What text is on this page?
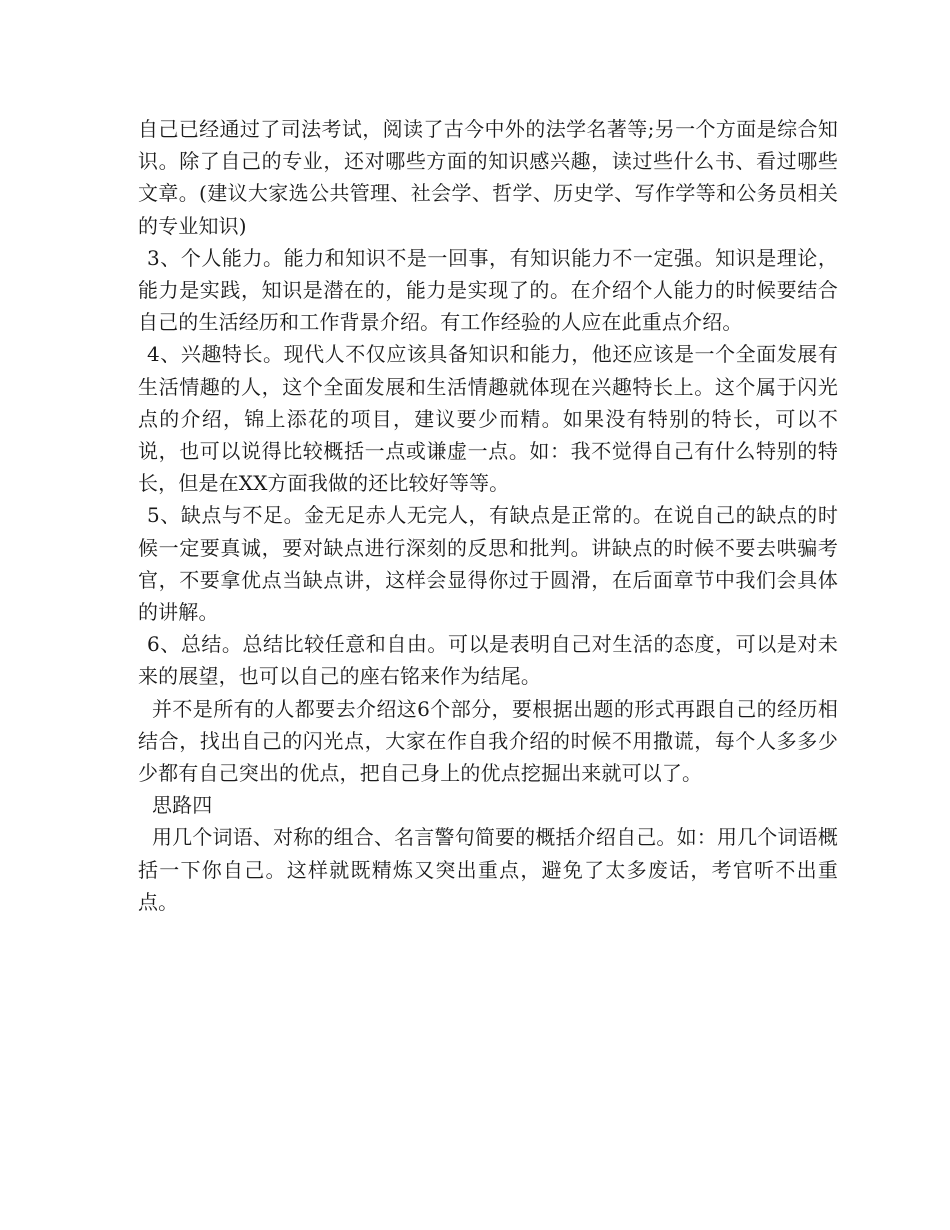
自己已经通过了司法考试，阅读了古今中外的法学名著等;另一个方面是综合知识。除了自己的专业，还对哪些方面的知识感兴趣，读过些什么书、看过哪些文章。(建议大家选公共管理、社会学、哲学、历史学、写作学等和公务员相关的专业知识)

3、个人能力。能力和知识不是一回事，有知识能力不一定强。知识是理论，能力是实践，知识是潜在的，能力是实现了的。在介绍个人能力的时候要结合自己的生活经历和工作背景介绍。有工作经验的人应在此重点介绍。

4、兴趣特长。现代人不仅应该具备知识和能力，他还应该是一个全面发展有生活情趣的人，这个全面发展和生活情趣就体现在兴趣特长上。这个属于闪光点的介绍，锦上添花的项目，建议要少而精。如果没有特别的特长，可以不说，也可以说得比较概括一点或谦虚一点。如：我不觉得自己有什么特别的特长，但是在XX方面我做的还比较好等等。

5、缺点与不足。金无足赤人无完人，有缺点是正常的。在说自己的缺点的时候一定要真诚，要对缺点进行深刻的反思和批判。讲缺点的时候不要去哄骗考官，不要拿优点当缺点讲，这样会显得你过于圆滑，在后面章节中我们会具体的讲解。

6、总结。总结比较任意和自由。可以是表明自己对生活的态度，可以是对未来的展望，也可以自己的座右铭来作为结尾。

并不是所有的人都要去介绍这6个部分，要根据出题的形式再跟自己的经历相结合，找出自己的闪光点，大家在作自我介绍的时候不用撒谎，每个人多多少少都有自己突出的优点，把自己身上的优点挖掘出来就可以了。

思路四

用几个词语、对称的组合、名言警句简要的概括介绍自己。如：用几个词语概括一下你自己。这样就既精炼又突出重点，避免了太多废话，考官听不出重点。
